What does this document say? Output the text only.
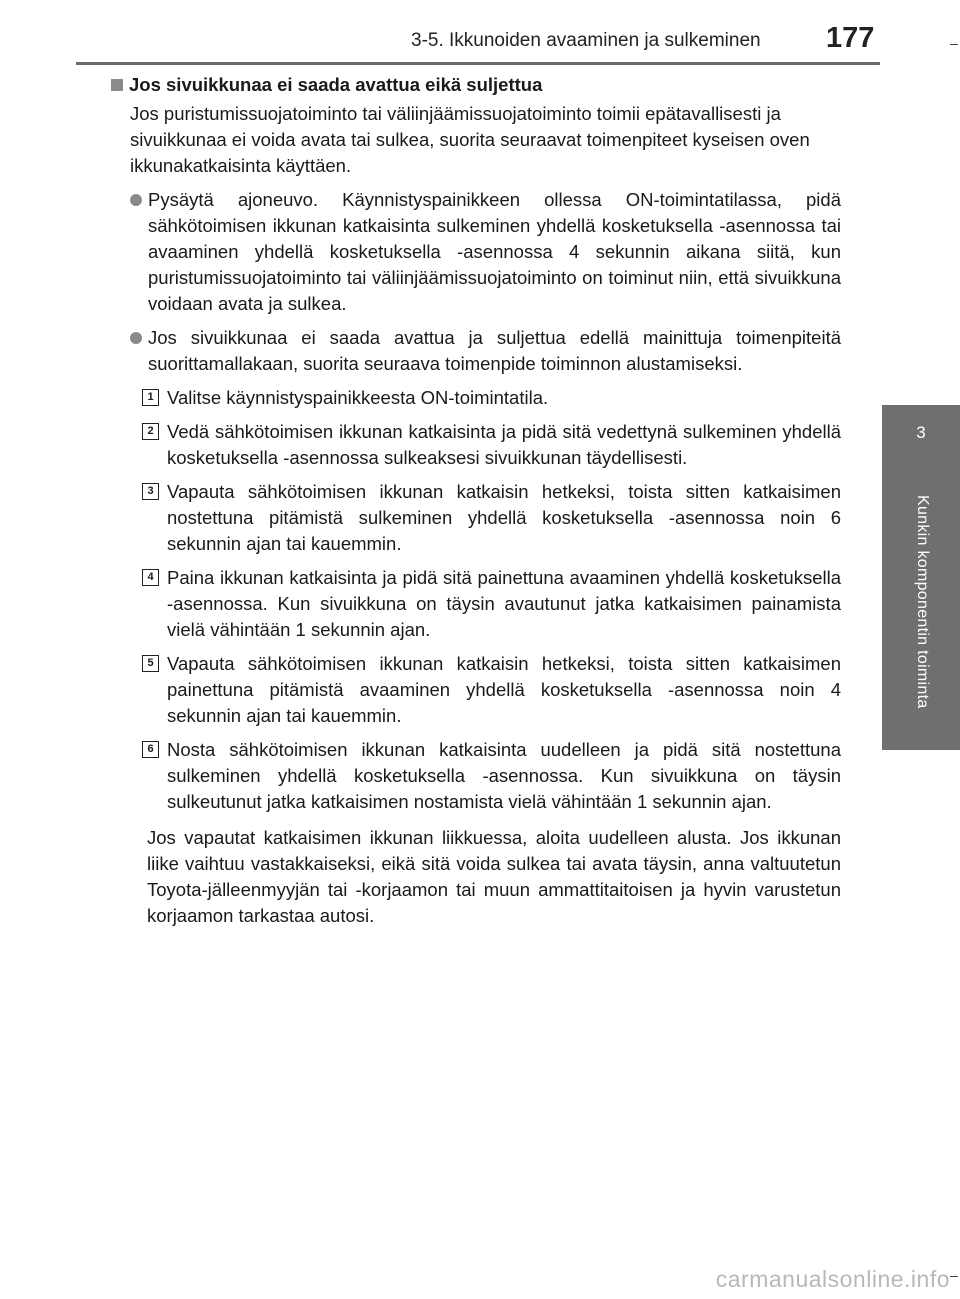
3-5. Ikkunoiden avaaminen ja sulkeminen 177
3
Kunkin komponentin toiminta
Jos sivuikkunaa ei saada avattua eikä suljettua

Jos puristumissuojatoiminto tai väliinjäämissuojatoiminto toimii epätavallisesti ja sivuikkunaa ei voida avata tai sulkea, suorita seuraavat toimenpiteet kyseisen oven ikkunakatkaisinta käyttäen.

Pysäytä ajoneuvo. Käynnistyspainikkeen ollessa ON-toimintatilassa, pidä sähkötoimisen ikkunan katkaisinta sulkeminen yhdellä kosketuksella -asennossa tai avaaminen yhdellä kosketuksella -asennossa 4 sekunnin aikana siitä, kun puristumissuojatoiminto tai väliinjäämissuojatoiminto on toiminut niin, että sivuikkuna voidaan avata ja sulkea.
Jos sivuikkunaa ei saada avattua ja suljettua edellä mainittuja toimenpiteitä suorittamallakaan, suorita seuraava toimenpide toiminnon alustamiseksi.
1 Valitse käynnistyspainikkeesta ON-toimintatila.
2 Vedä sähkötoimisen ikkunan katkaisinta ja pidä sitä vedettynä sulkeminen yhdellä kosketuksella -asennossa sulkeaksesi sivuikkunan täydellisesti.
3 Vapauta sähkötoimisen ikkunan katkaisin hetkeksi, toista sitten katkaisimen nostettuna pitämistä sulkeminen yhdellä kosketuksella -asennossa noin 6 sekunnin ajan tai kauemmin.
4 Paina ikkunan katkaisinta ja pidä sitä painettuna avaaminen yhdellä kosketuksella -asennossa. Kun sivuikkuna on täysin avautunut jatka katkaisimen painamista vielä vähintään 1 sekunnin ajan.
5 Vapauta sähkötoimisen ikkunan katkaisin hetkeksi, toista sitten katkaisimen painettuna pitämistä avaaminen yhdellä kosketuksella -asennossa noin 4 sekunnin ajan tai kauemmin.
6 Nosta sähkötoimisen ikkunan katkaisinta uudelleen ja pidä sitä nostettuna sulkeminen yhdellä kosketuksella -asennossa. Kun sivuikkuna on täysin sulkeutunut jatka katkaisimen nostamista vielä vähintään 1 sekunnin ajan.

Jos vapautat katkaisimen ikkunan liikkuessa, aloita uudelleen alusta. Jos ikkunan liike vaihtuu vastakkaiseksi, eikä sitä voida sulkea tai avata täysin, anna valtuutetun Toyota-jälleenmyyjän tai -korjaamon tai muun ammattitaitoisen ja hyvin varustetun korjaamon tarkastaa autosi.

carmanualsonline.info
